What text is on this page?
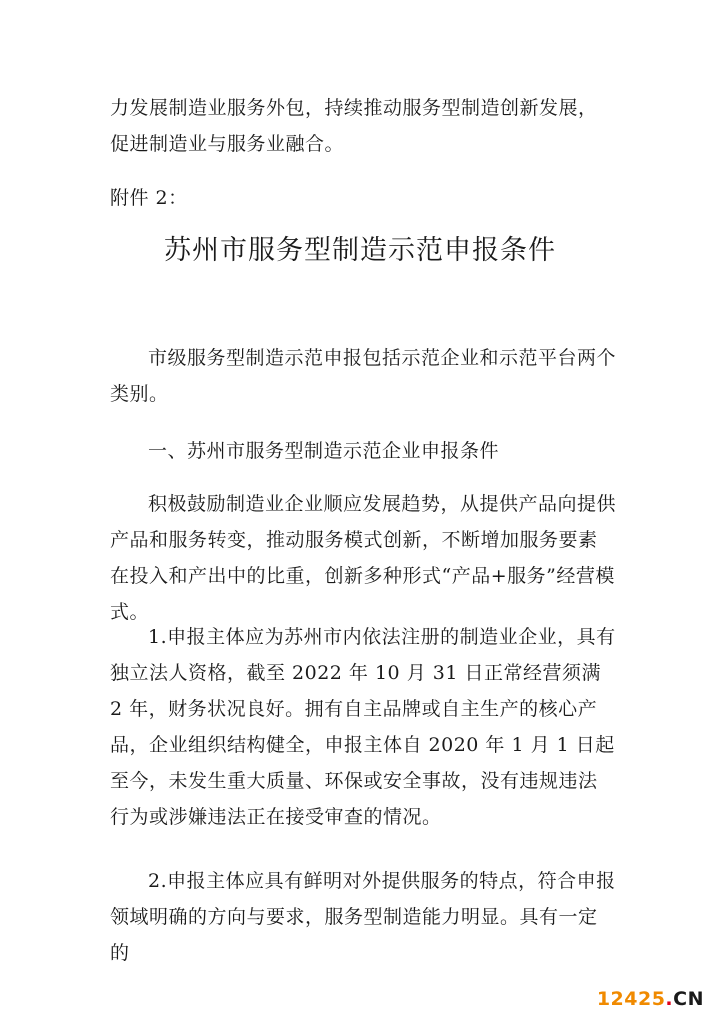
力发展制造业服务外包，持续推动服务型制造创新发展，促进制造业与服务业融合。

附件 2：

苏州市服务型制造示范申报条件

市级服务型制造示范申报包括示范企业和示范平台两个类别。

一、苏州市服务型制造示范企业申报条件

积极鼓励制造业企业顺应发展趋势，从提供产品向提供产品和服务转变，推动服务模式创新，不断增加服务要素在投入和产出中的比重，创新多种形式“产品+服务”经营模式。

1.申报主体应为苏州市内依法注册的制造业企业，具有独立法人资格，截至 2022 年 10 月 31 日正常经营须满 2 年，财务状况良好。拥有自主品牌或自主生产的核心产品，企业组织结构健全，申报主体自 2020 年 1 月 1 日起至今，未发生重大质量、环保或安全事故，没有违规违法行为或涉嫌违法正在接受审查的情况。

2.申报主体应具有鲜明对外提供服务的特点，符合申报领域明确的方向与要求，服务型制造能力明显。具有一定的

12425.CN
